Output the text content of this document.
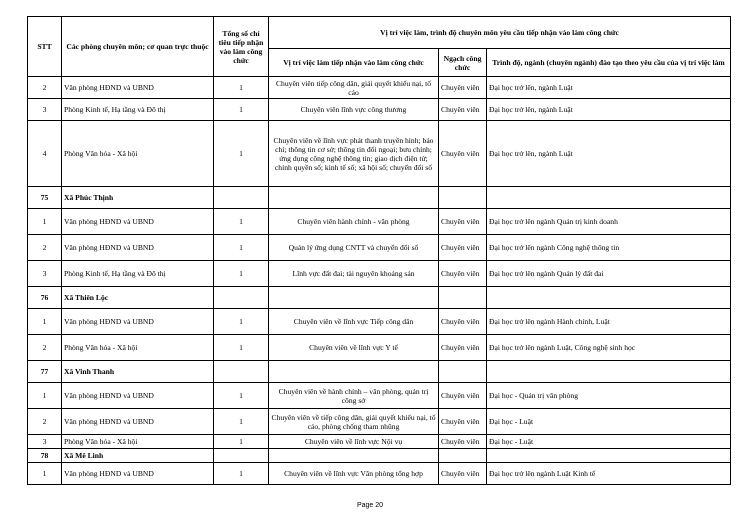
STT	Các phòng chuyên môn; cơ quan trực thuộc	Tổng số chỉ tiêu tiếp nhận vào làm công chức	Vị trí việc làm, trình độ chuyên môn yêu cầu tiếp nhận vào làm công chức		
			Vị trí việc làm tiếp nhận vào làm công chức	Ngạch công chức	Trình độ, ngành (chuyên ngành) đào tạo theo yêu cầu của vị trí việc làm
2	Văn phòng HĐND và UBND	1	Chuyên viên tiếp công dân, giải quyết khiếu nại, tố cáo	Chuyên viên	Đại học trở lên, ngành Luật
3	Phòng Kinh tế, Hạ tầng và Đô thị	1	Chuyên viên lĩnh vực công thương	Chuyên viên	Đại học trở lên, ngành Luật
4	Phòng Văn hóa - Xã hội	1	Chuyên viên về lĩnh vực phát thanh truyền hình; báo chí; thông tin cơ sở; thông tin đối ngoại; bưu chính; ứng dụng công nghệ thông tin; giao dịch điện tử; chính quyền số; kinh tế số; xã hội số; chuyển đổi số	Chuyên viên	Đại học trở lên, ngành Luật
75	Xã Phúc Thịnh				
1	Văn phòng HĐND và UBND	1	Chuyên viên hành chính - văn phòng	Chuyên viên	Đại học trở lên ngành Quản trị kinh doanh
2	Văn phòng HĐND và UBND	1	Quản lý ứng dụng CNTT và chuyển đổi số	Chuyên viên	Đại học trở lên ngành Công nghệ thông tin
3	Phòng Kinh tế, Hạ tầng và Đô thị	1	Lĩnh vực đất đai; tài nguyên khoáng sản	Chuyên viên	Đại học trở lên ngành Quản lý đất đai
76	Xã Thiên Lộc				
1	Văn phòng HĐND và UBND	1	Chuyên viên về lĩnh vực Tiếp công dân	Chuyên viên	Đại học trở lên ngành Hành chính, Luật
2	Phòng Văn hóa - Xã hội	1	Chuyên viên về lĩnh vực Y tế	Chuyên viên	Đại học trở lên ngành Luật, Công nghệ sinh học
77	Xã Vinh Thanh				
1	Văn phòng HĐND và UBND	1	Chuyên viên về hành chính – văn phòng, quản trị công sở	Chuyên viên	Đại học - Quản trị văn phòng
2	Văn phòng HĐND và UBND	1	Chuyên viên về tiếp công dân, giải quyết khiếu nại, tố cáo, phòng chống tham nhũng	Chuyên viên	Đại học - Luật
3	Phòng Văn hóa - Xã hội	1	Chuyên viên về lĩnh vực Nội vụ	Chuyên viên	Đại học - Luật
78	Xã Mê Linh				
1	Văn phòng HĐND và UBND	1	Chuyên viên về lĩnh vực Văn phòng tổng hợp	Chuyên viên	Đại học trở lên ngành Luật Kinh tế
Page 20
